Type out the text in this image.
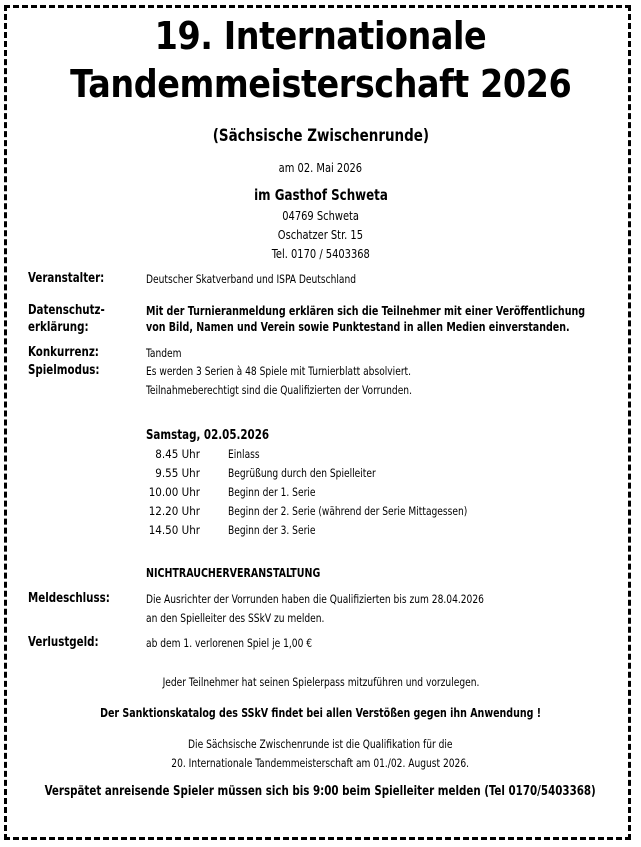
19. Internationale
Tandemmeisterschaft 2026
(Sächsische Zwischenrunde)
am 02. Mai 2026
im Gasthof Schweta
04769 Schweta
Oschatzer Str. 15
Tel. 0170 / 5403368
Veranstalter:	Deutscher Skatverband und ISPA Deutschland
Datenschutz-
erklärung:
Mit der Turnieranmeldung erklären sich die Teilnehmer mit einer Veröffentlichung
von Bild, Namen und Verein sowie Punktestand in allen Medien einverstanden.
Konkurrenz:	Tandem
Spielmodus:	Es werden 3 Serien à 48 Spiele mit Turnierblatt absolviert.
Teilnahmeberechtigt sind die Qualifizierten der Vorrunden.
Samstag, 02.05.2026
8.45 Uhr Einlass
9.55 Uhr Begrüßung durch den Spielleiter
10.00 Uhr Beginn der 1. Serie
12.20 Uhr Beginn der 2. Serie (während der Serie Mittagessen)
14.50 Uhr Beginn der 3. Serie
NICHTRAUCHERVERANSTALTUNG
Meldeschluss:	Die Ausrichter der Vorrunden haben die Qualifizierten bis zum 28.04.2026
an den Spielleiter des SSkV zu melden.
Verlustgeld:	ab dem 1. verlorenen Spiel je 1,00 €
Jeder Teilnehmer hat seinen Spielerpass mitzuführen und vorzulegen.
Der Sanktionskatalog des SSkV findet bei allen Verstößen gegen ihn Anwendung !
Die Sächsische Zwischenrunde ist die Qualifikation für die
20. Internationale Tandemmeisterschaft am 01./02. August 2026.
Verspätet anreisende Spieler müssen sich bis 9:00 beim Spielleiter melden (Tel 0170/5403368)
